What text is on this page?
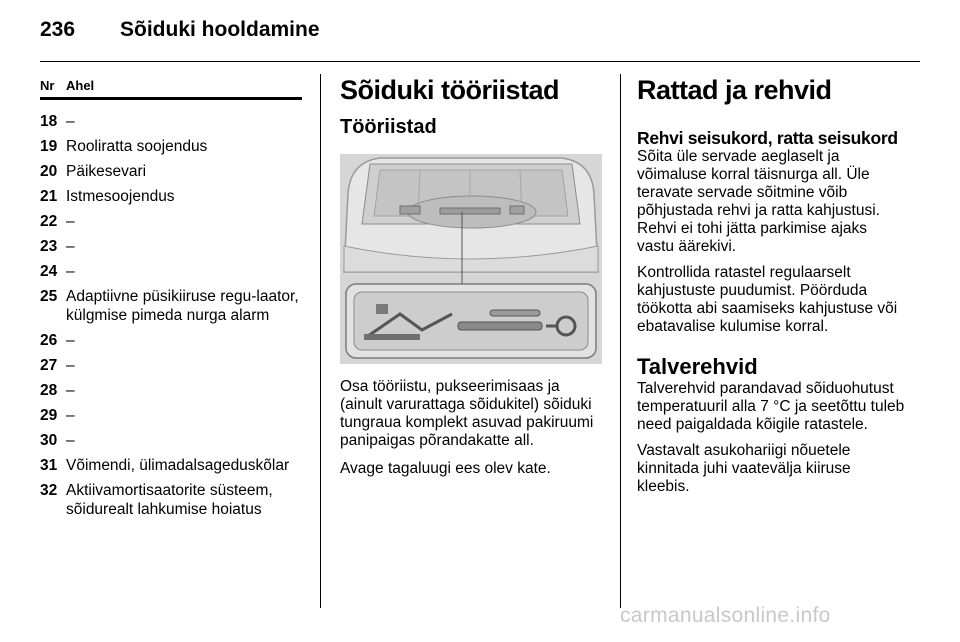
236 Sõiduki hooldamine
Nr Ahel
18 –
19 Rooliratta soojendus
20 Päikesevari
21 Istmesoojendus
22 –
23 –
24 –
25 Adaptiivne püsikiiruse regu-laator, külgmise pimeda nurga alarm
26 –
27 –
28 –
29 –
30 –
31 Võimendi, ülimadalsageduskõlar
32 Aktiivamortisaatorite süsteem, sõidurealt lahkumise hoiatus
Sõiduki tööriistad
Tööriistad

Osa tööriistu, pukseerimisaas ja (ainult varurattaga sõidukitel) sõiduki tungraua komplekt asuvad pakiruumi panipaigas põrandakatte all.

Avage tagaluugi ees olev kate.

Rattad ja rehvid
Rehvi seisukord, ratta seisukord

Sõita üle servade aeglaselt ja võimaluse korral täisnurga all. Üle teravate servade sõitmine võib põhjustada rehvi ja ratta kahjustusi. Rehvi ei tohi jätta parkimise ajaks vastu äärekivi.

Kontrollida ratastel regulaarselt kahjustuste puudumist. Pöörduda töökotta abi saamiseks kahjustuse või ebatavalise kulumise korral.

Talverehvid

Talverehvid parandavad sõiduohutust temperatuuril alla 7 °C ja seetõttu tuleb need paigaldada kõigile ratastele.

Vastavalt asukohariigi nõuetele kinnitada juhi vaatevälja kiiruse kleebis.

carmanualsonline.info
